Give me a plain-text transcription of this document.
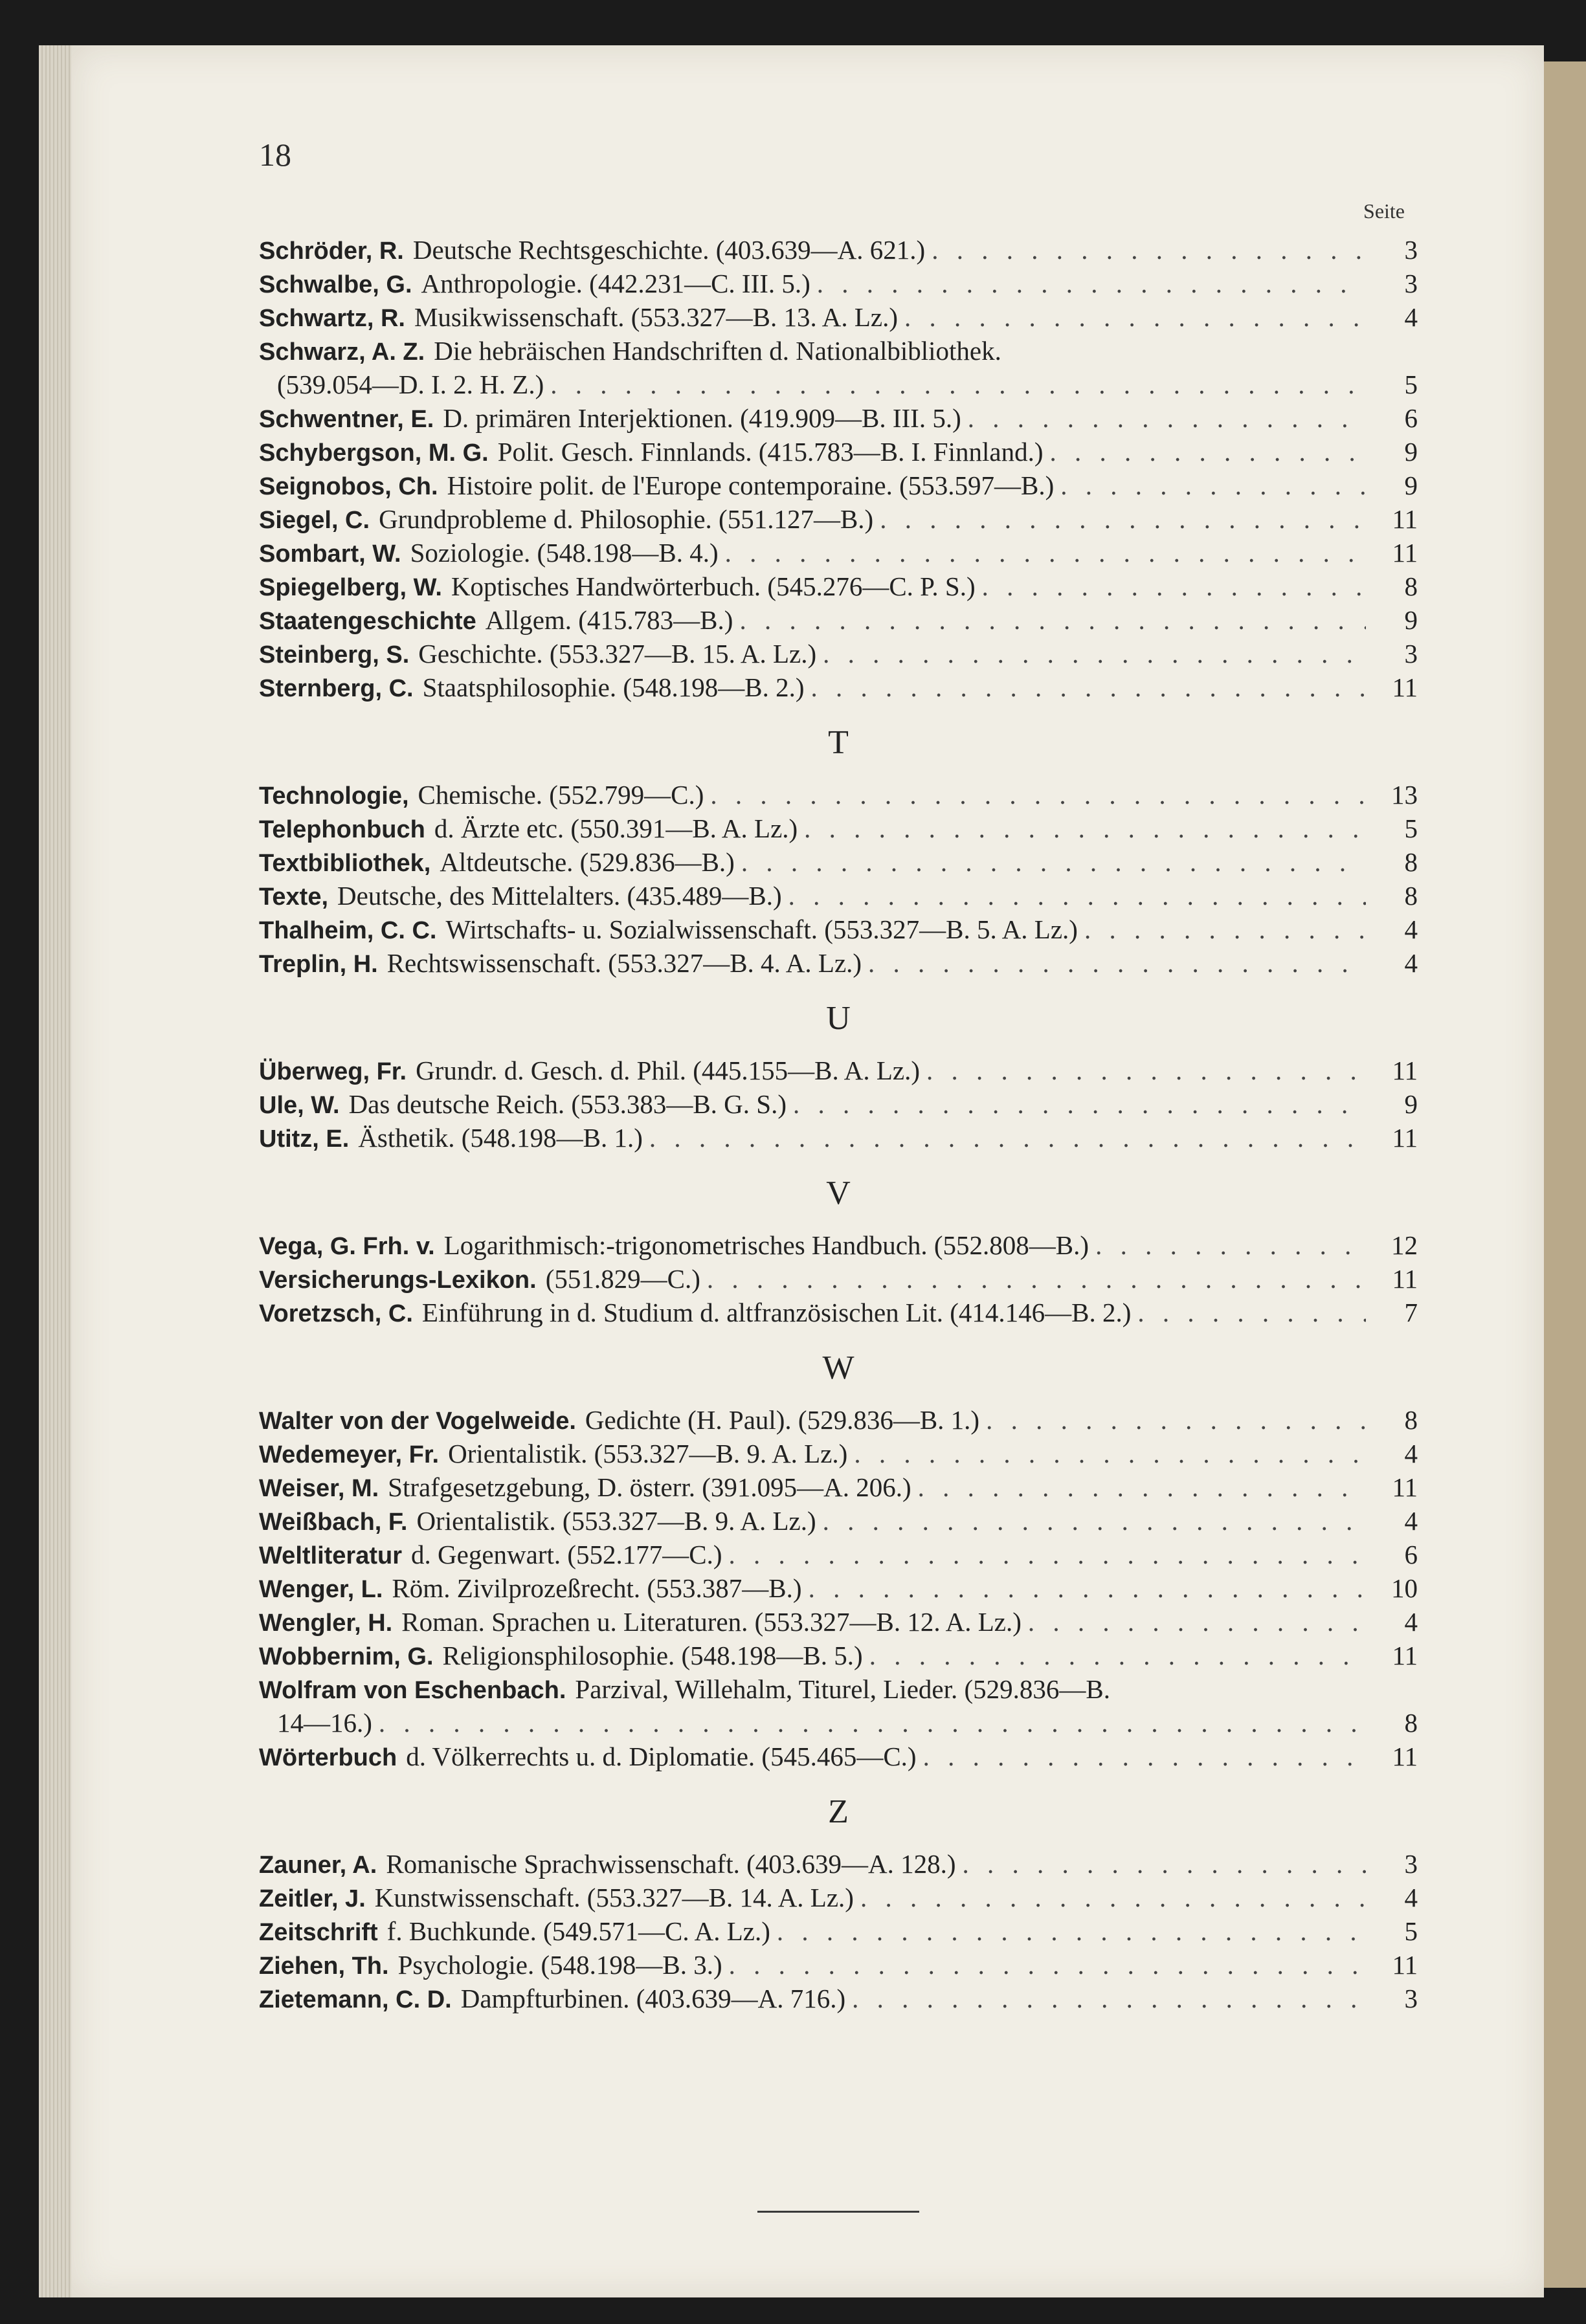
18
Seite
Schröder, R. Deutsche Rechtsgeschichte. (403.639—A. 621.) . . .	3
Schwalbe, G. Anthropologie. (442.231—C. III. 5.) . . .	3
Schwartz, R. Musikwissenschaft. (553.327—B. 13. A. Lz.) . . .	4
Schwarz, A. Z. Die hebräischen Handschriften d. Nationalbibliothek.
(539.054—D. I. 2. H. Z.) . . .	5
Schwentner, E. D. primären Interjektionen. (419.909—B. III. 5.) . . .	6
Schybergson, M. G. Polit. Gesch. Finnlands. (415.783—B. I. Finnland.) . . .	9
Seignobos, Ch. Histoire polit. de l'Europe contemporaine. (553.597—B.) . . .	9
Siegel, C. Grundprobleme d. Philosophie. (551.127—B.) . . .	11
Sombart, W. Soziologie. (548.198—B. 4.) . . .	11
Spiegelberg, W. Koptisches Handwörterbuch. (545.276—C. P. S.) . . .	8
Staatengeschichte Allgem. (415.783—B.) . . .	9
Steinberg, S. Geschichte. (553.327—B. 15. A. Lz.) . . .	3
Sternberg, C. Staatsphilosophie. (548.198—B. 2.) . . .	11
T
Technologie, Chemische. (552.799—C.) . . .	13
Telephonbuch d. Ärzte etc. (550.391—B. A. Lz.) . . .	5
Textbibliothek, Altdeutsche. (529.836—B.) . . .	8
Texte, Deutsche, des Mittelalters. (435.489—B.) . . .	8
Thalheim, C. C. Wirtschafts- u. Sozialwissenschaft. (553.327—B. 5. A. Lz.) . . .	4
Treplin, H. Rechtswissenschaft. (553.327—B. 4. A. Lz.) . . .	4
U
Überweg, Fr. Grundr. d. Gesch. d. Phil. (445.155—B. A. Lz.) . . .	11
Ule, W. Das deutsche Reich. (553.383—B. G. S.) . . .	9
Utitz, E. Ästhetik. (548.198—B. 1.) . . .	11
V
Vega, G. Frh. v. Logarithmisch:-trigonometrisches Handbuch. (552.808—B.) . . .	12
Versicherungs-Lexikon. (551.829—C.) . . .	11
Voretzsch, C. Einführung in d. Studium d. altfranzösischen Lit. (414.146—B. 2.) . . .	7
W
Walter von der Vogelweide. Gedichte (H. Paul). (529.836—B. 1.) . . .	8
Wedemeyer, Fr. Orientalistik. (553.327—B. 9. A. Lz.) . . .	4
Weiser, M. Strafgesetzgebung, D. österr. (391.095—A. 206.) . . .	11
Weißbach, F. Orientalistik. (553.327—B. 9. A. Lz.) . . .	4
Weltliteratur d. Gegenwart. (552.177—C.) . . .	6
Wenger, L. Röm. Zivilprozeßrecht. (553.387—B.) . . .	10
Wengler, H. Roman. Sprachen u. Literaturen. (553.327—B. 12. A. Lz.) . . .	4
Wobbernim, G. Religionsphilosophie. (548.198—B. 5.) . . .	11
Wolfram von Eschenbach. Parzival, Willehalm, Titurel, Lieder. (529.836—B.
14—16.) . . .	8
Wörterbuch d. Völkerrechts u. d. Diplomatie. (545.465—C.) . . .	11
Z
Zauner, A. Romanische Sprachwissenschaft. (403.639—A. 128.) . . .	3
Zeitler, J. Kunstwissenschaft. (553.327—B. 14. A. Lz.) . . .	4
Zeitschrift f. Buchkunde. (549.571—C. A. Lz.) . . .	5
Ziehen, Th. Psychologie. (548.198—B. 3.) . . .	11
Zietemann, C. D. Dampfturbinen. (403.639—A. 716.) . . .	3
